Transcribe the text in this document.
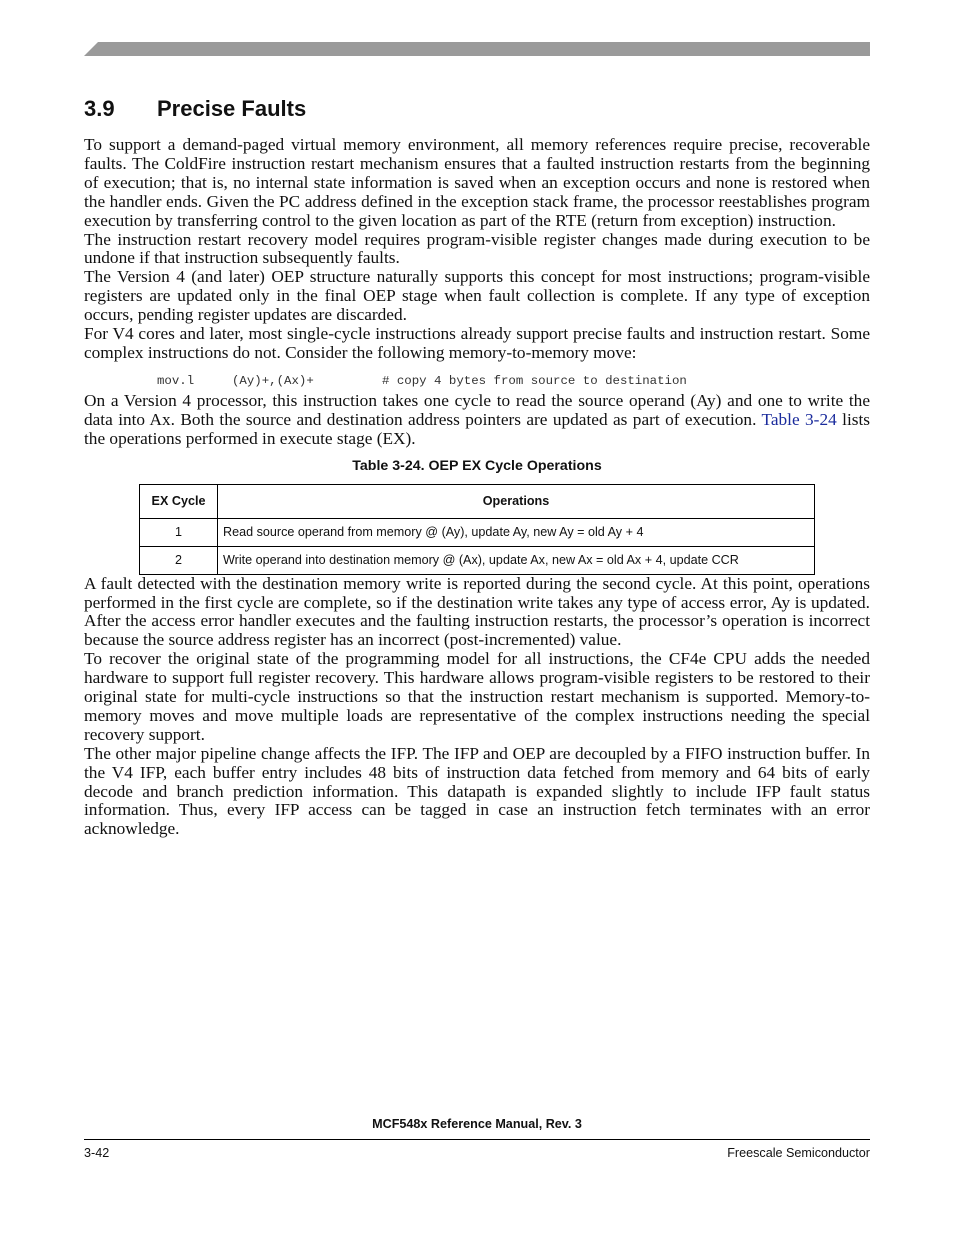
3.9 Precise Faults

To support a demand-paged virtual memory environment, all memory references require precise, recoverable faults. The ColdFire instruction restart mechanism ensures that a faulted instruction restarts from the beginning of execution; that is, no internal state information is saved when an exception occurs and none is restored when the handler ends. Given the PC address defined in the exception stack frame, the processor reestablishes program execution by transferring control to the given location as part of the RTE (return from exception) instruction.

The instruction restart recovery model requires program-visible register changes made during execution to be undone if that instruction subsequently faults.

The Version 4 (and later) OEP structure naturally supports this concept for most instructions; program-visible registers are updated only in the final OEP stage when fault collection is complete. If any type of exception occurs, pending register updates are discarded.

For V4 cores and later, most single-cycle instructions already support precise faults and instruction restart. Some complex instructions do not. Consider the following memory-to-memory move:

mov.l	(Ay)+,(Ax)+	# copy 4 bytes from source to destination

On a Version 4 processor, this instruction takes one cycle to read the source operand (Ay) and one to write the data into Ax. Both the source and destination address pointers are updated as part of execution. Table 3-24 lists the operations performed in execute stage (EX).

Table 3-24. OEP EX Cycle Operations
EX Cycle	Operations
1	Read source operand from memory @ (Ay), update Ay, new Ay = old Ay + 4
2	Write operand into destination memory @ (Ax), update Ax, new Ax = old Ax + 4, update CCR

A fault detected with the destination memory write is reported during the second cycle. At this point, operations performed in the first cycle are complete, so if the destination write takes any type of access error, Ay is updated. After the access error handler executes and the faulting instruction restarts, the processor’s operation is incorrect because the source address register has an incorrect (post-incremented) value.

To recover the original state of the programming model for all instructions, the CF4e CPU adds the needed hardware to support full register recovery. This hardware allows program-visible registers to be restored to their original state for multi-cycle instructions so that the instruction restart mechanism is supported. Memory-to-memory moves and move multiple loads are representative of the complex instructions needing the special recovery support.

The other major pipeline change affects the IFP. The IFP and OEP are decoupled by a FIFO instruction buffer. In the V4 IFP, each buffer entry includes 48 bits of instruction data fetched from memory and 64 bits of early decode and branch prediction information. This datapath is expanded slightly to include IFP fault status information. Thus, every IFP access can be tagged in case an instruction fetch terminates with an error acknowledge.

MCF548x Reference Manual, Rev. 3
3-42	Freescale Semiconductor
